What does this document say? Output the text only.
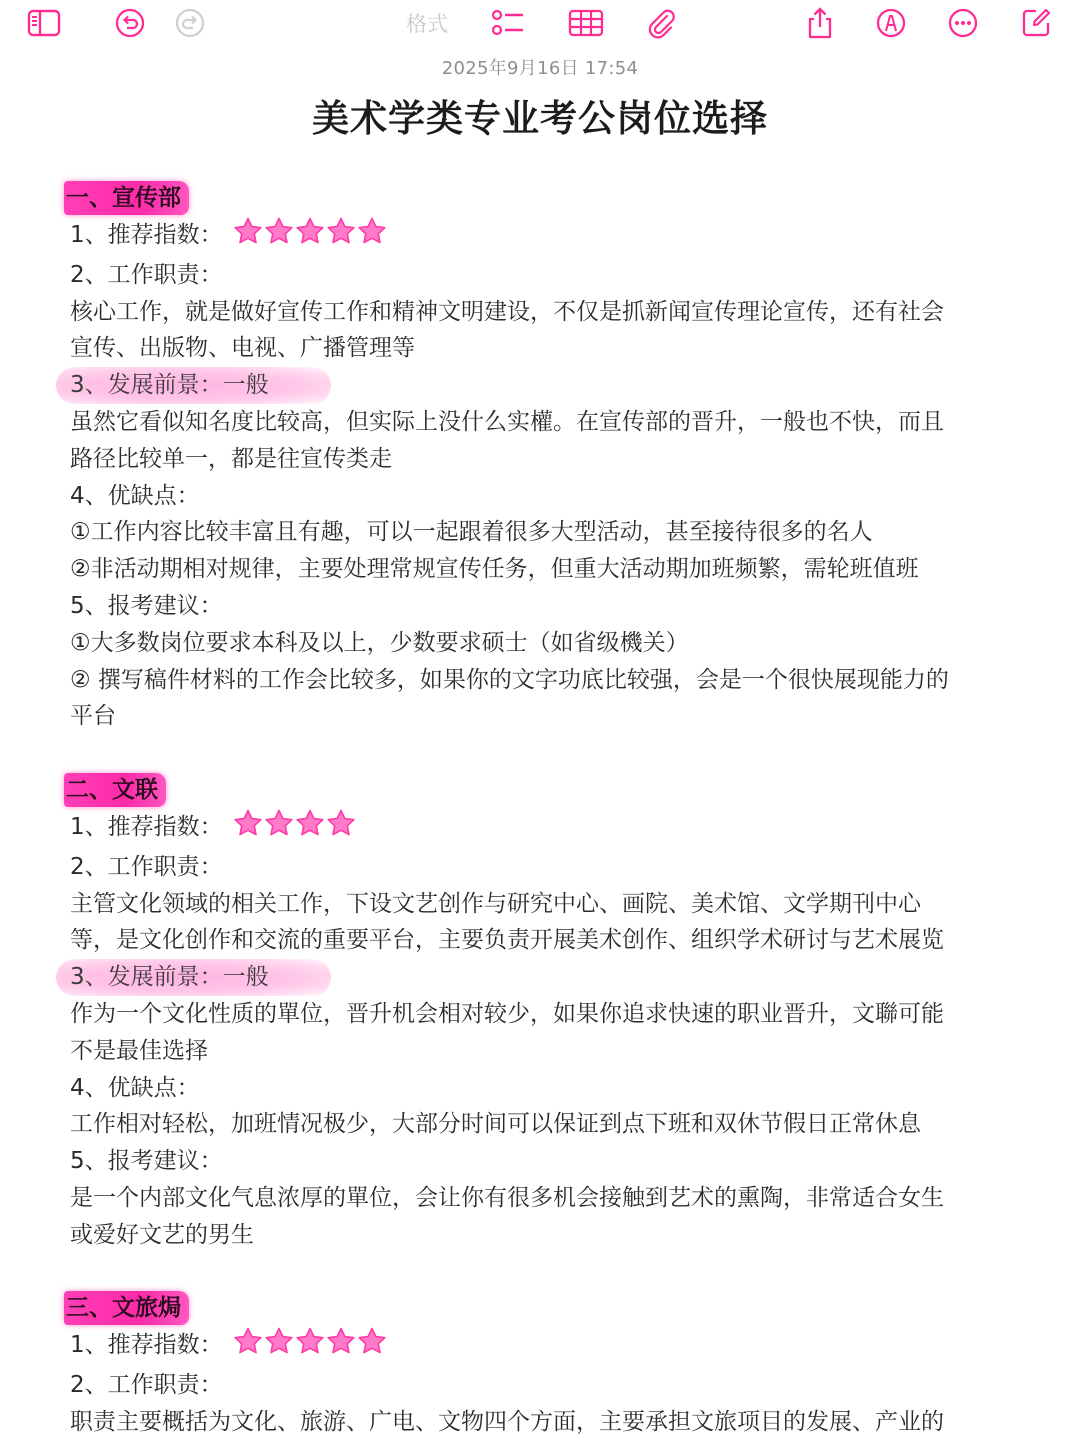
格式
2025年9月16日 17:54
美术学类专业考公岗位选择
一、宣传部
1、推荐指数：
2、工作职责：
核心工作，就是做好宣传工作和精神文明建设，不仅是抓新闻宣传理论宣传，还有社会
宣传、出版物、电视、广播管理等
3、发展前景：一般
虽然它看似知名度比较高，但实际上没什么实權。在宣传部的晋升，一般也不快，而且
路径比较单一，都是往宣传类走
4、优缺点：
①工作内容比较丰富且有趣，可以一起跟着很多大型活动，甚至接待很多的名人
②非活动期相对规律，主要处理常规宣传任务，但重大活动期加班频繁，需轮班值班
5、报考建议：
①大多数岗位要求本科及以上，少数要求硕士（如省级機关）
② 撰写稿件材料的工作会比较多，如果你的文字功底比较强，会是一个很快展现能力的
平台
二、文联
1、推荐指数：
2、工作职责：
主管文化领域的相关工作，下设文艺创作与研究中心、画院、美术馆、文学期刊中心
等，是文化创作和交流的重要平台，主要负责开展美术创作、组织学术研讨与艺术展览
3、发展前景：一般
作为一个文化性质的單位，晋升机会相对较少，如果你追求快速的职业晋升，文聯可能
不是最佳选择
4、优缺点：
工作相对轻松，加班情况极少，大部分时间可以保证到点下班和双休节假日正常休息
5、报考建议：
是一个内部文化气息浓厚的單位，会让你有很多机会接触到艺术的熏陶，非常适合女生
或爱好文艺的男生
三、文旅焗
1、推荐指数：
2、工作职责：
职责主要概括为文化、旅游、广电、文物四个方面，主要承担文旅项目的发展、产业的
